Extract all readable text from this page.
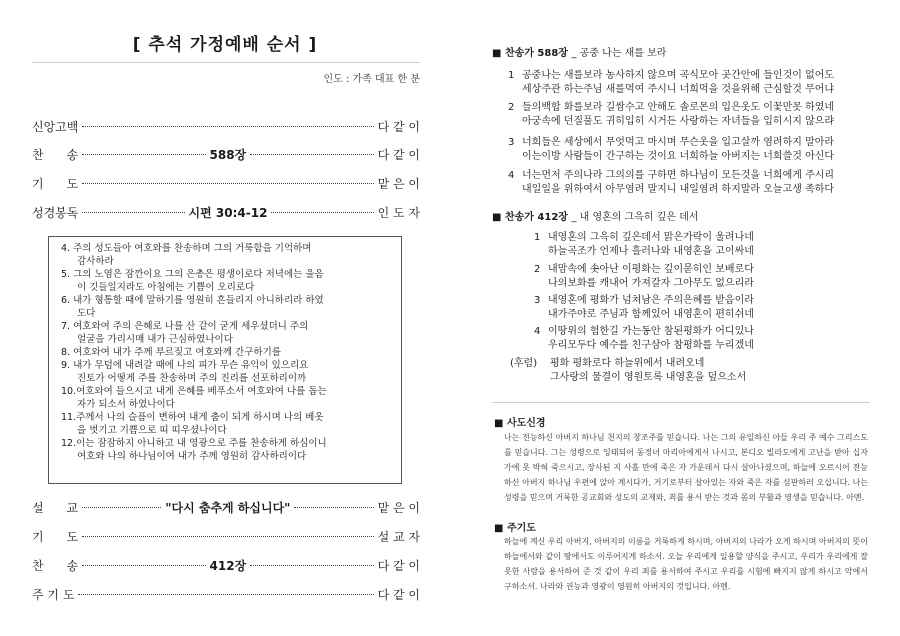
[ 추석 가정예배 순서 ]
인도 : 가족 대표 한 분
신앙고백	다 같 이
찬      송	588장	다 같 이
기      도	맡 은 이
성경봉독	시편 30:4-12	인 도 자
4. 주의 성도들아 여호와를 찬송하며 그의 거룩함을 기억하며
감사하라
5. 그의 노염은 잠깐이요 그의 은총은 평생이로다 저녁에는 울음
이 깃들일지라도 아침에는 기쁨이 오리로다
6. 내가 형통할 때에 말하기를 영원히 흔들리지 아니하리라 하였
도다
7. 여호와여 주의 은혜로 나를 산 같이 굳게 세우셨더니 주의
얼굴을 가리시매 내가 근심하였나이다
8. 여호와여 내가 주께 부르짖고 여호와께 간구하기를
9. 내가 무덤에 내려갈 때에 나의 피가 무슨 유익이 있으리요
진토가 어떻게 주를 찬송하며 주의 진리를 선포하리이까
10.여호와여 들으시고 내게 은혜를 베푸소서 여호와여 나를 돕는
자가 되소서 하였나이다
11.주께서 나의 슬픔이 변하여 내게 춤이 되게 하시며 나의 베옷
을 벗기고 기쁨으로 띠 띠우셨나이다
12.이는 잠잠하지 아니하고 내 영광으로 주를 찬송하게 하심이니
여호와 나의 하나님이여 내가 주께 영원히 감사하리이다
설      교	"다시 춤추게 하십니다"	맡 은 이
기      도	설 교 자
찬      송	412장	다 같 이
주 기 도	다 같 이
■ 찬송가 588장 _ 공중 나는 새를 보라
1 공중나는 새를보라 농사하지 않으며 곡식모아 곳간안에 들인것이 없어도
세상주관 하는주님 새를먹여 주시니 너희먹을 것을위해 근심할것 무어냐
2 들의백합 화를보라 길쌈수고 안해도 솔로몬의 입은옷도 이꽃만못 하였네
아궁속에 던질풀도 귀히입히 시거든 사랑하는 자녀들을 입히시지 않으랴
3 너희들은 세상에서 무엇먹고 마시며 무슨옷을 입고살까 염려하지 말아라
이는이방 사람들이 간구하는 것이요 너희하늘 아버지는 너희쓸것 아신다
4 너는먼저 주의나라 그의의를 구하면 하나님이 모든것을 너희에게 주시리
내일일을 위하여서 아무염려 말지니 내일염려 하지말라 오늘고생 족하다
■ 찬송가 412장 _ 내 영혼의 그윽히 깊은 데서
1 내영혼의 그윽히 깊은데서 맑은가락이 울려나네
하늘곡조가 언제나 흘러나와 내영혼을 고이싸네
2 내맘속에 솟아난 이평화는 깊이묻히인 보배로다
나의보화를 캐내어 가져갈자 그아무도 없으리라
3 내영혼에 평화가 넘쳐남은 주의은혜를 받음이라
내가주야로 주님과 함께있어 내영혼이 편히쉬네
4 이땅위의 험한길 가는동안 참된평화가 어디있나
우리모두다 예수를 친구삼아 참평화를 누리겠네
(후렴) 평화 평화로다 하늘위에서 내려오네
그사랑의 물결이 영원토록 내영혼을 덮으소서
■ 사도신경
나는 전능하신 아버지 하나님 천지의 창조주를 믿습니다. 나는 그의 유일하신 아들 우리 주 예수 그리스도를 믿습니다. 그는 성령으로 잉태되어 동정녀 마리아에게서 나시고, 본디오 빌라도에게 고난을 받아 십자가에 못 박혀 죽으시고, 장사된 지 사흘 만에 죽은 자 가운데서 다시 살아나셨으며, 하늘에 오르시어 전능하신 아버지 하나님 우편에 앉아 계시다가, 거기로부터 살아있는 자와 죽은 자를 심판하러 오십니다. 나는 성령을 믿으며 거룩한 공교회와 성도의 교제와, 죄를 용서 받는 것과 몸의 부활과 영생을 믿습니다. 아멘.
■ 주기도
하늘에 계신 우리 아버지, 아버지의 이름을 거룩하게 하시며, 아버지의 나라가 오게 하시며 아버지의 뜻이 하늘에서와 같이 땅에서도 이루어지게 하소서. 오늘 우리에게 일용할 양식을 주시고, 우리가 우리에게 잘못한 사람을 용서하여 준 것 같이 우리 죄를 용서하여 주시고 우리를 시험에 빠지지 않게 하시고 악에서 구하소서. 나라와 권능과 영광이 영원히 아버지의 것입니다. 아멘.
